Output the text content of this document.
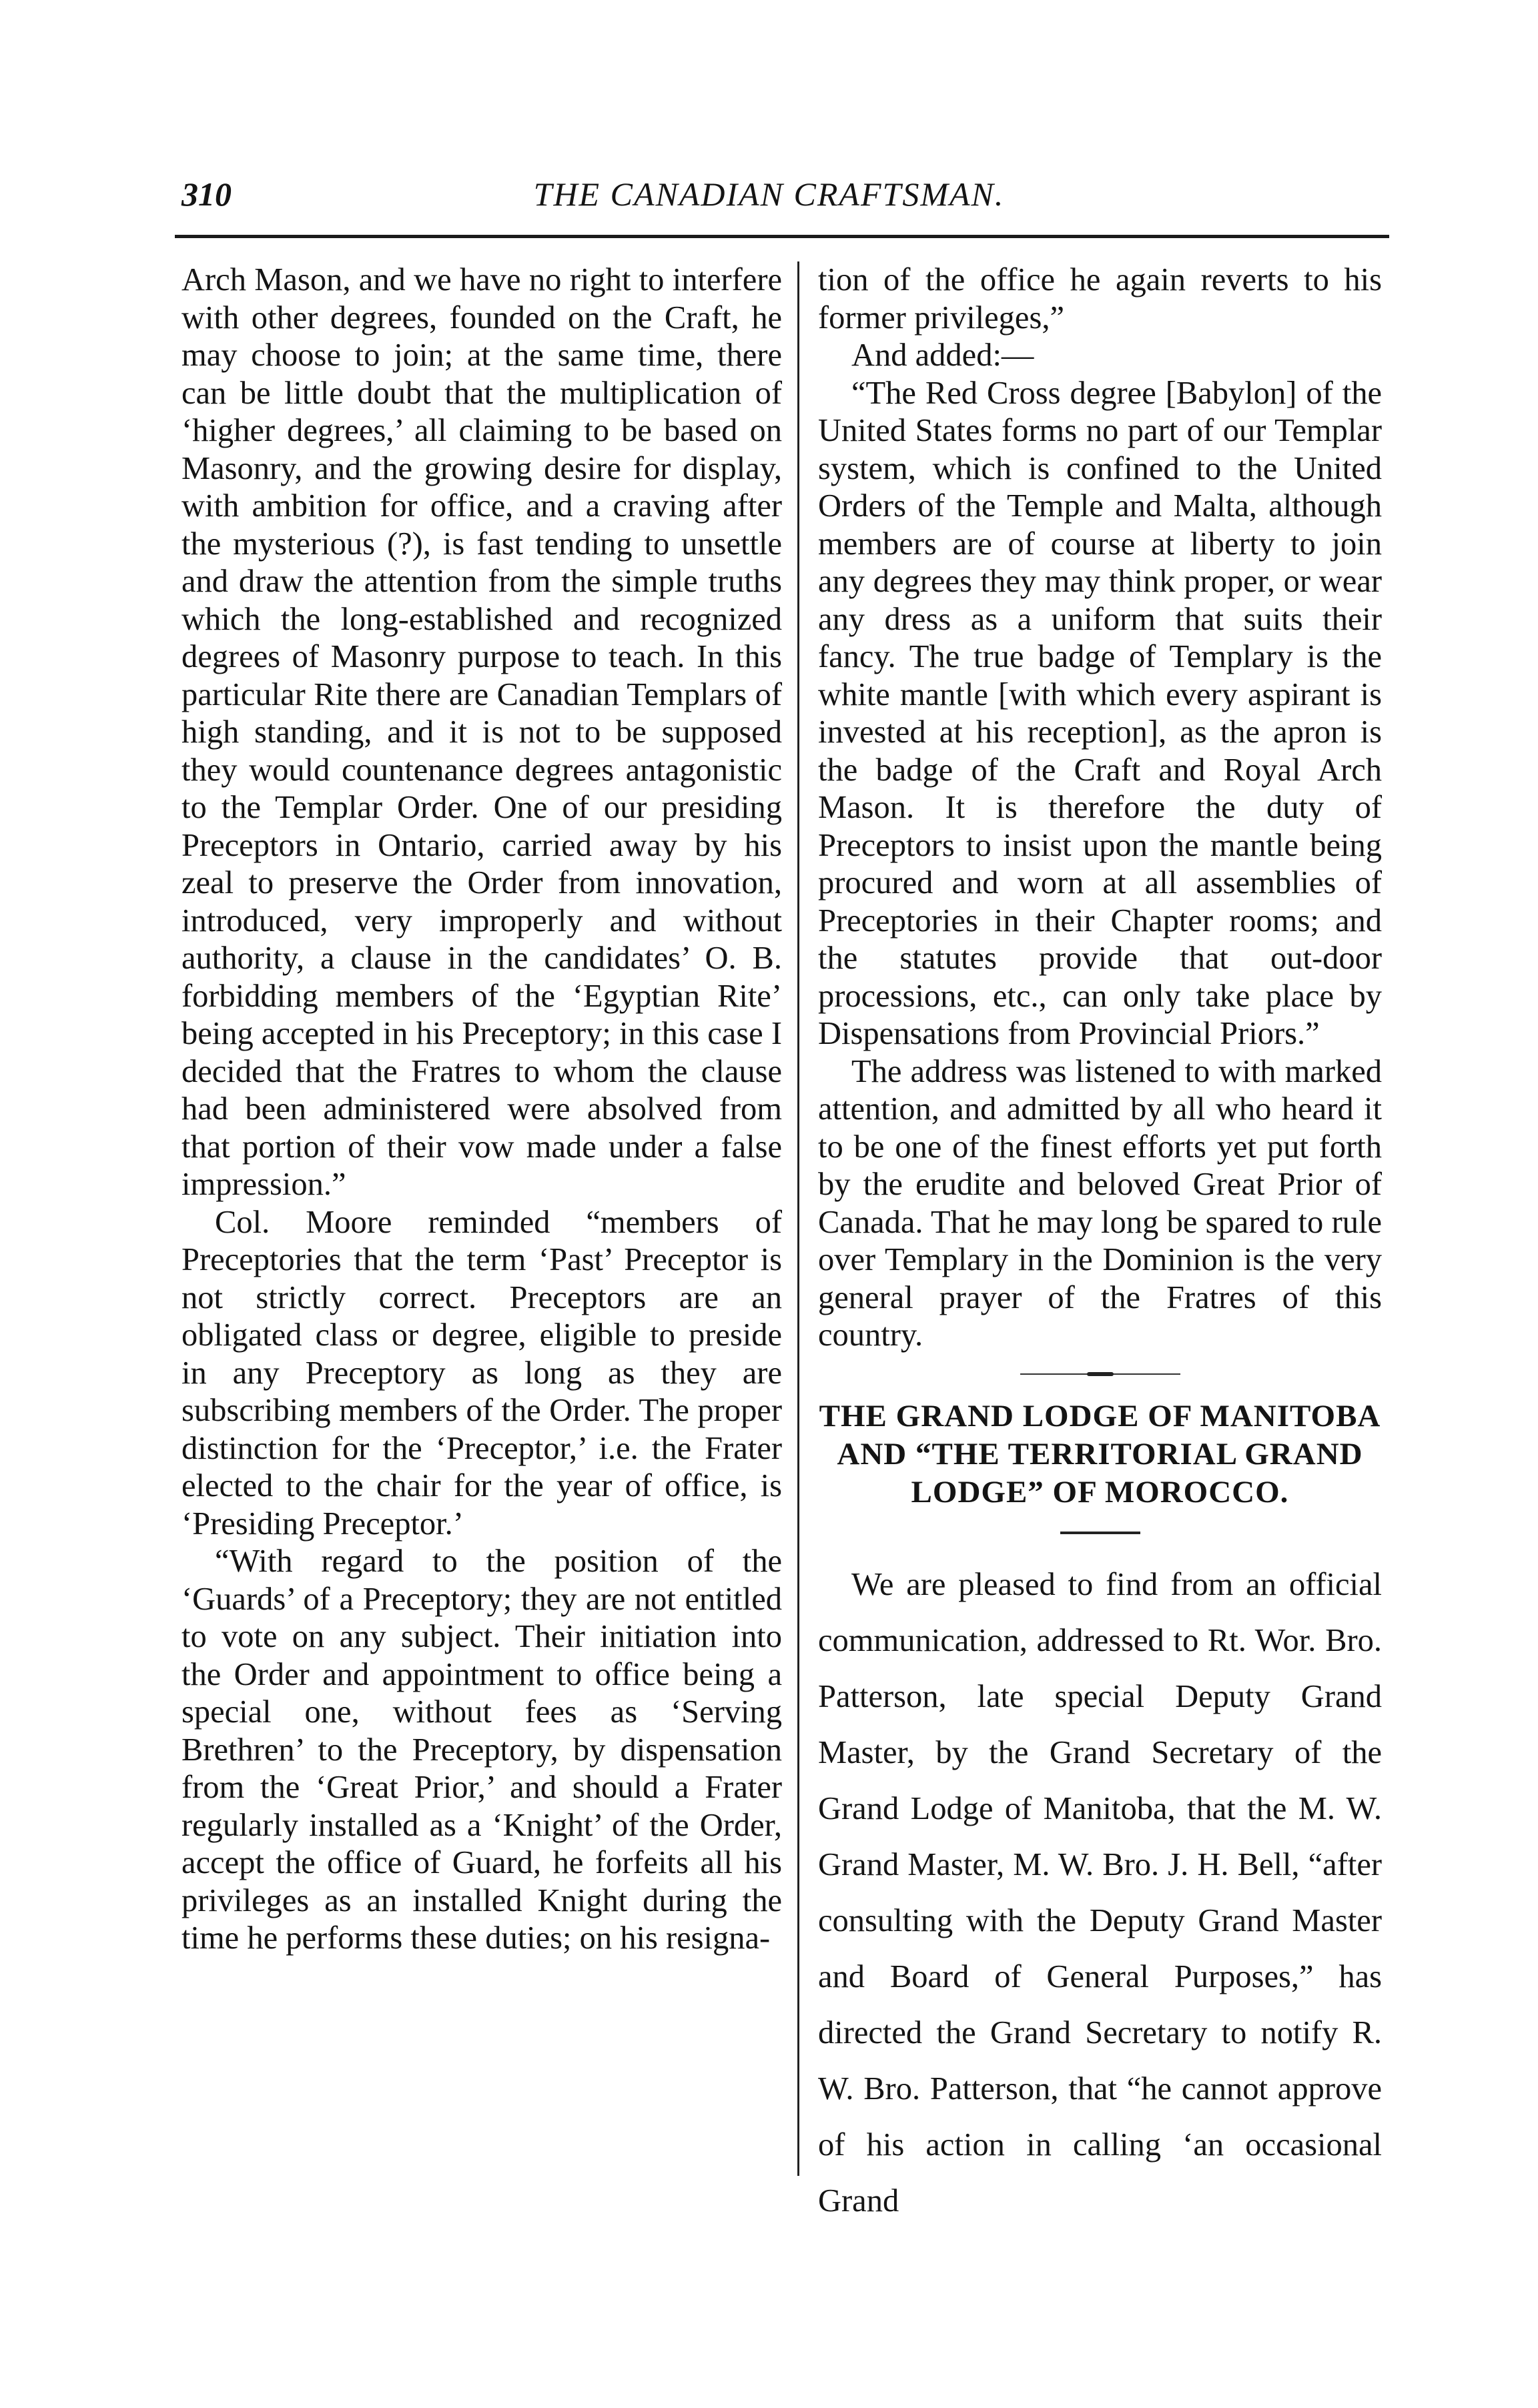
310	THE CANADIAN CRAFTSMAN.

Arch Mason, and we have no right to interfere with other degrees, founded on the Craft, he may choose to join; at the same time, there can be little doubt that the multiplication of ‘higher degrees,’ all claiming to be based on Masonry, and the growing desire for display, with ambition for office, and a craving after the mysterious (?), is fast tending to unsettle and draw the attention from the simple truths which the long-established and recognized degrees of Masonry purpose to teach. In this particular Rite there are Canadian Templars of high standing, and it is not to be supposed they would countenance degrees antagonistic to the Templar Order. One of our presiding Preceptors in Ontario, carried away by his zeal to preserve the Order from innovation, introduced, very improperly and without authority, a clause in the candidates’ O. B. forbidding members of the ‘Egyptian Rite’ being accepted in his Preceptory; in this case I decided that the Fratres to whom the clause had been administered were absolved from that portion of their vow made under a false impression.”

Col. Moore reminded “members of Preceptories that the term ‘Past’ Preceptor is not strictly correct. Preceptors are an obligated class or degree, eligible to preside in any Preceptory as long as they are subscribing members of the Order. The proper distinction for the ‘Preceptor,’ i.e. the Frater elected to the chair for the year of office, is ‘Presiding Preceptor.’

“With regard to the position of the ‘Guards’ of a Preceptory; they are not entitled to vote on any subject. Their initiation into the Order and appointment to office being a special one, without fees as ‘Serving Brethren’ to the Preceptory, by dispensation from the ‘Great Prior,’ and should a Frater regularly installed as a ‘Knight’ of the Order, accept the office of Guard, he forfeits all his privileges as an installed Knight during the time he performs these duties; on his resigna-

tion of the office he again reverts to his former privileges,”

And added:—

“The Red Cross degree [Babylon] of the United States forms no part of our Templar system, which is confined to the United Orders of the Temple and Malta, although members are of course at liberty to join any degrees they may think proper, or wear any dress as a uniform that suits their fancy. The true badge of Templary is the white mantle [with which every aspirant is invested at his reception], as the apron is the badge of the Craft and Royal Arch Mason. It is therefore the duty of Preceptors to insist upon the mantle being procured and worn at all assemblies of Preceptories in their Chapter rooms; and the statutes provide that out-door processions, etc., can only take place by Dispensations from Provincial Priors.”

The address was listened to with marked attention, and admitted by all who heard it to be one of the finest efforts yet put forth by the erudite and beloved Great Prior of Canada. That he may long be spared to rule over Templary in the Dominion is the very general prayer of the Fratres of this country.

THE GRAND LODGE OF MANITOBA AND “THE TERRITORIAL GRAND LODGE” OF MOROCCO.

We are pleased to find from an official communication, addressed to Rt. Wor. Bro. Patterson, late special Deputy Grand Master, by the Grand Secretary of the Grand Lodge of Manitoba, that the M. W. Grand Master, M. W. Bro. J. H. Bell, “after consulting with the Deputy Grand Master and Board of General Purposes,” has directed the Grand Secretary to notify R. W. Bro. Patterson, that “he cannot approve of his action in calling ‘an occasional Grand
